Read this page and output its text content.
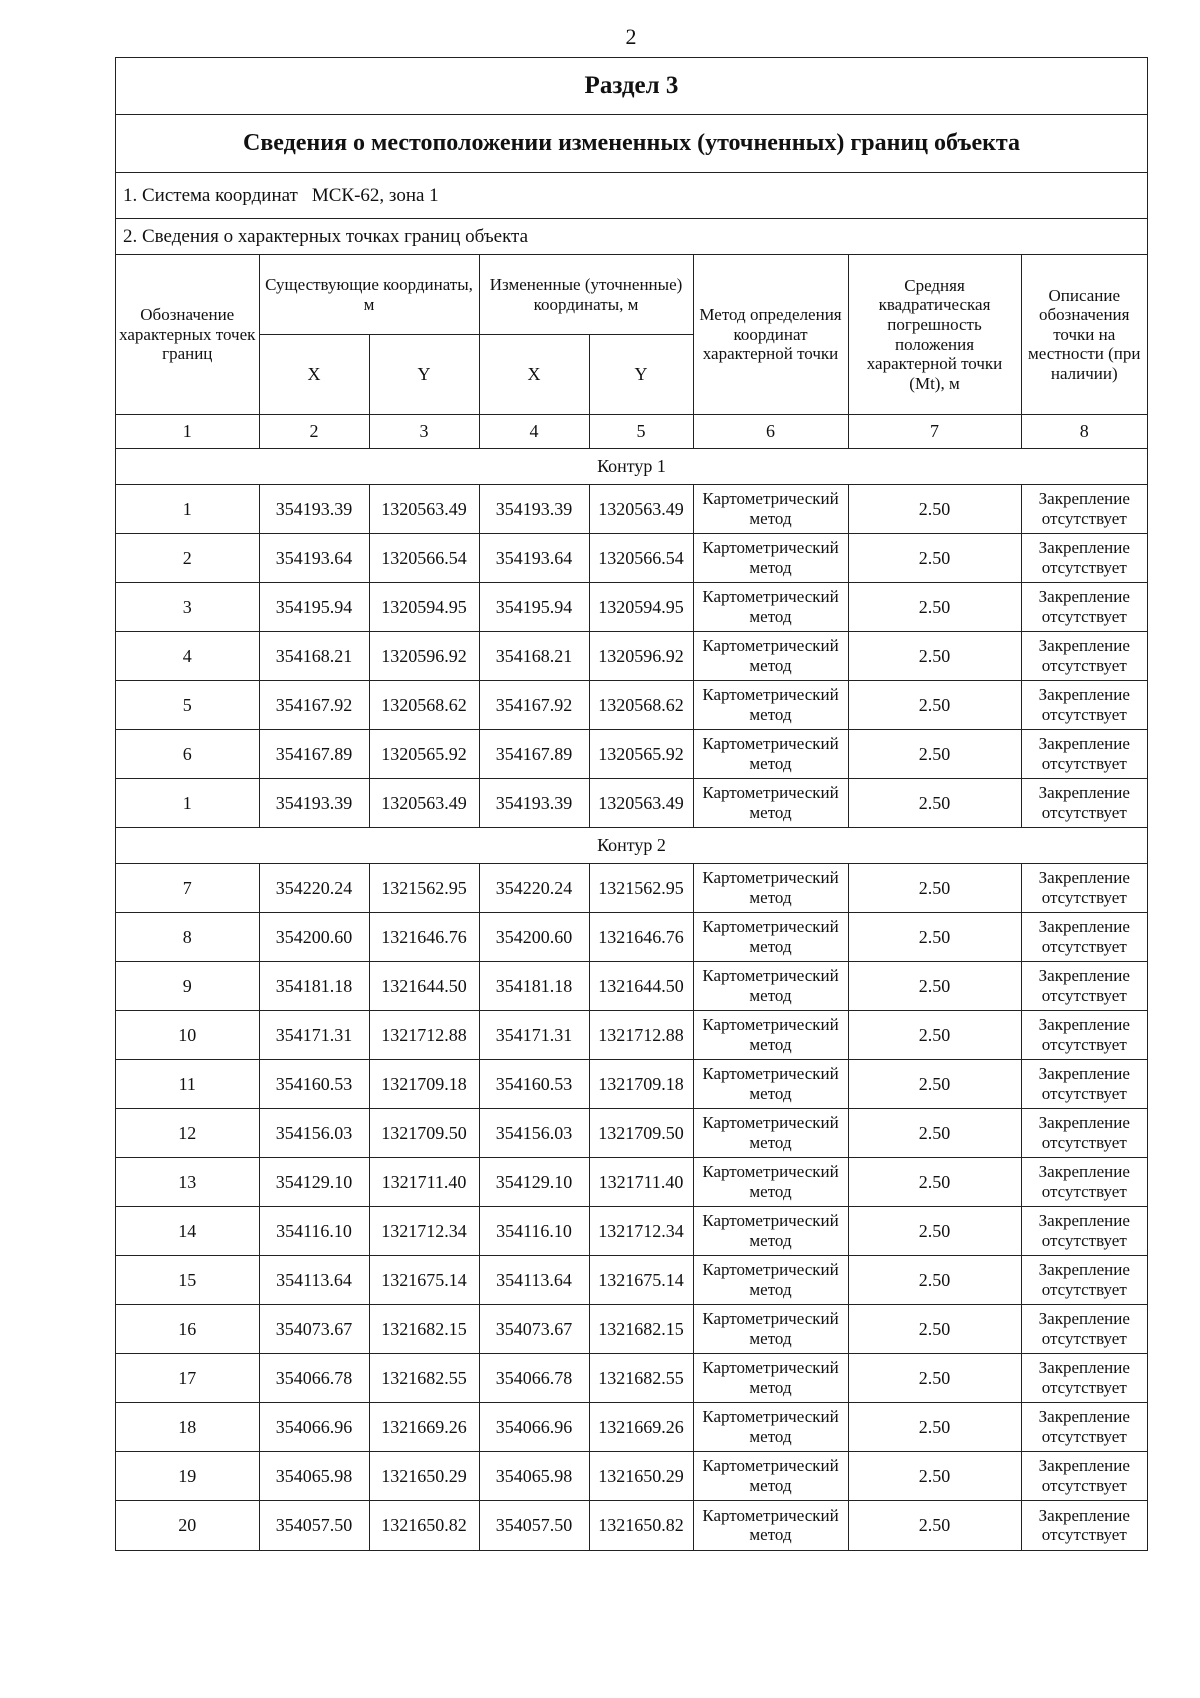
2
Раздел 3
Сведения о местоположении измененных (уточненных) границ объекта
1. Система координат МСК-62, зона 1
2. Сведения о характерных точках границ объекта
Обозначение характерных точек границ	Существующие координаты, м		Измененные (уточненные) координаты, м		Метод определения координат характерной точки	Средняя квадратическая погрешность положения характерной точки (Mt), м	Описание обозначения точки на местности (при наличии)
	X	Y	X	Y			
1	2	3	4	5	6	7	8
Контур 1							
1	354193.39	1320563.49	354193.39	1320563.49	Картометрический метод	2.50	Закрепление отсутствует
2	354193.64	1320566.54	354193.64	1320566.54	Картометрический метод	2.50	Закрепление отсутствует
3	354195.94	1320594.95	354195.94	1320594.95	Картометрический метод	2.50	Закрепление отсутствует
4	354168.21	1320596.92	354168.21	1320596.92	Картометрический метод	2.50	Закрепление отсутствует
5	354167.92	1320568.62	354167.92	1320568.62	Картометрический метод	2.50	Закрепление отсутствует
6	354167.89	1320565.92	354167.89	1320565.92	Картометрический метод	2.50	Закрепление отсутствует
1	354193.39	1320563.49	354193.39	1320563.49	Картометрический метод	2.50	Закрепление отсутствует
Контур 2							
7	354220.24	1321562.95	354220.24	1321562.95	Картометрический метод	2.50	Закрепление отсутствует
8	354200.60	1321646.76	354200.60	1321646.76	Картометрический метод	2.50	Закрепление отсутствует
9	354181.18	1321644.50	354181.18	1321644.50	Картометрический метод	2.50	Закрепление отсутствует
10	354171.31	1321712.88	354171.31	1321712.88	Картометрический метод	2.50	Закрепление отсутствует
11	354160.53	1321709.18	354160.53	1321709.18	Картометрический метод	2.50	Закрепление отсутствует
12	354156.03	1321709.50	354156.03	1321709.50	Картометрический метод	2.50	Закрепление отсутствует
13	354129.10	1321711.40	354129.10	1321711.40	Картометрический метод	2.50	Закрепление отсутствует
14	354116.10	1321712.34	354116.10	1321712.34	Картометрический метод	2.50	Закрепление отсутствует
15	354113.64	1321675.14	354113.64	1321675.14	Картометрический метод	2.50	Закрепление отсутствует
16	354073.67	1321682.15	354073.67	1321682.15	Картометрический метод	2.50	Закрепление отсутствует
17	354066.78	1321682.55	354066.78	1321682.55	Картометрический метод	2.50	Закрепление отсутствует
18	354066.96	1321669.26	354066.96	1321669.26	Картометрический метод	2.50	Закрепление отсутствует
19	354065.98	1321650.29	354065.98	1321650.29	Картометрический метод	2.50	Закрепление отсутствует
20	354057.50	1321650.82	354057.50	1321650.82	Картометрический метод	2.50	Закрепление отсутствует
